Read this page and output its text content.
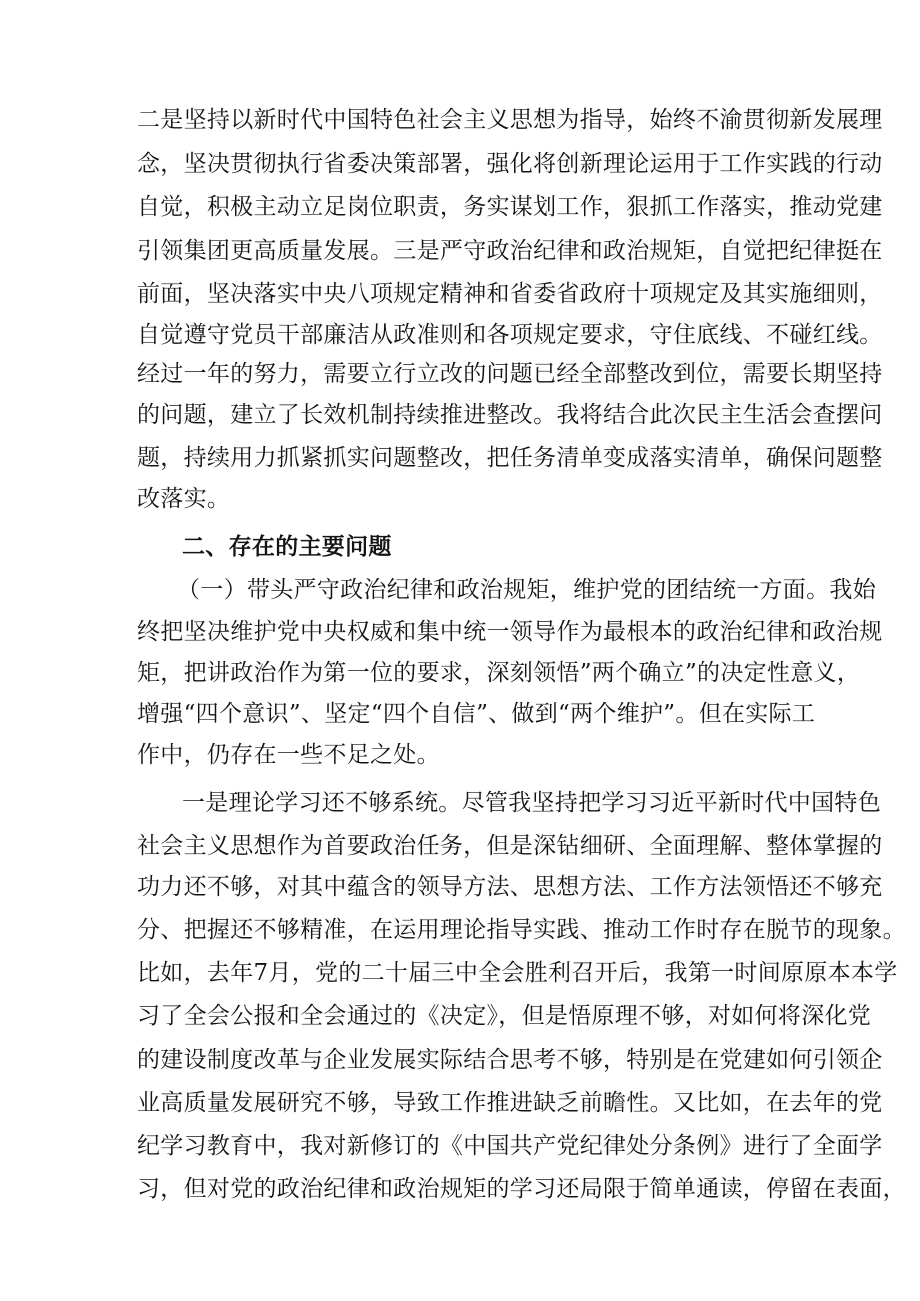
二是坚持以新时代中国特色社会主义思想为指导，始终不渝贯彻新发展理
念，坚决贯彻执行省委决策部署，强化将创新理论运用于工作实践的行动
自觉，积极主动立足岗位职责，务实谋划工作，狠抓工作落实，推动党建
引领集团更高质量发展。三是严守政治纪律和政治规矩，自觉把纪律挺在
前面，坚决落实中央八项规定精神和省委省政府十项规定及其实施细则，
自觉遵守党员干部廉洁从政准则和各项规定要求，守住底线、不碰红线。
经过一年的努力，需要立行立改的问题已经全部整改到位，需要长期坚持
的问题，建立了长效机制持续推进整改。我将结合此次民主生活会查摆问
题，持续用力抓紧抓实问题整改，把任务清单变成落实清单，确保问题整
改落实。
二、存在的主要问题
（一）带头严守政治纪律和政治规矩，维护党的团结统一方面。我始
终把坚决维护党中央权威和集中统一领导作为最根本的政治纪律和政治规
矩，把讲政治作为第一位的要求，深刻领悟”两个确立”的决定性意义，
增强“四个意识”、坚定“四个自信”、做到“两个维护”。但在实际工
作中，仍存在一些不足之处。
一是理论学习还不够系统。尽管我坚持把学习习近平新时代中国特色
社会主义思想作为首要政治任务，但是深钻细研、全面理解、整体掌握的
功力还不够，对其中蕴含的领导方法、思想方法、工作方法领悟还不够充
分、把握还不够精准，在运用理论指导实践、推动工作时存在脱节的现象。
比如，去年7月，党的二十届三中全会胜利召开后，我第一时间原原本本学
习了全会公报和全会通过的《决定》，但是悟原理不够，对如何将深化党
的建设制度改革与企业发展实际结合思考不够，特别是在党建如何引领企
业高质量发展研究不够，导致工作推进缺乏前瞻性。又比如，在去年的党
纪学习教育中，我对新修订的《中国共产党纪律处分条例》进行了全面学
习，但对党的政治纪律和政治规矩的学习还局限于简单通读，停留在表面，
